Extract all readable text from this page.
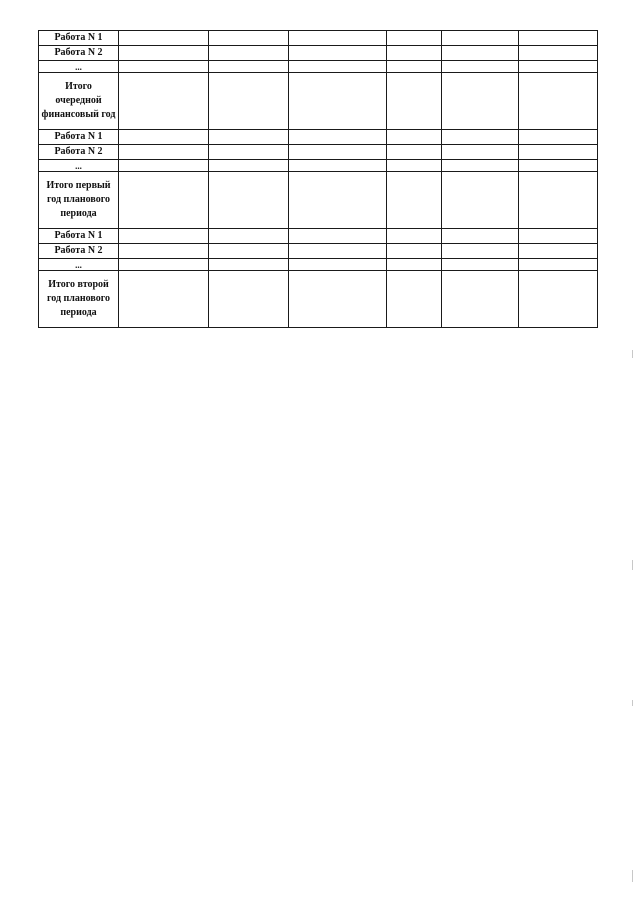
Работа N 1						
Работа N 2						
...						
Итого очередной финансовый год						
Работа N 1						
Работа N 2						
...						
Итого первый год планового периода						
Работа N 1						
Работа N 2						
...						
Итого второй год планового периода						
